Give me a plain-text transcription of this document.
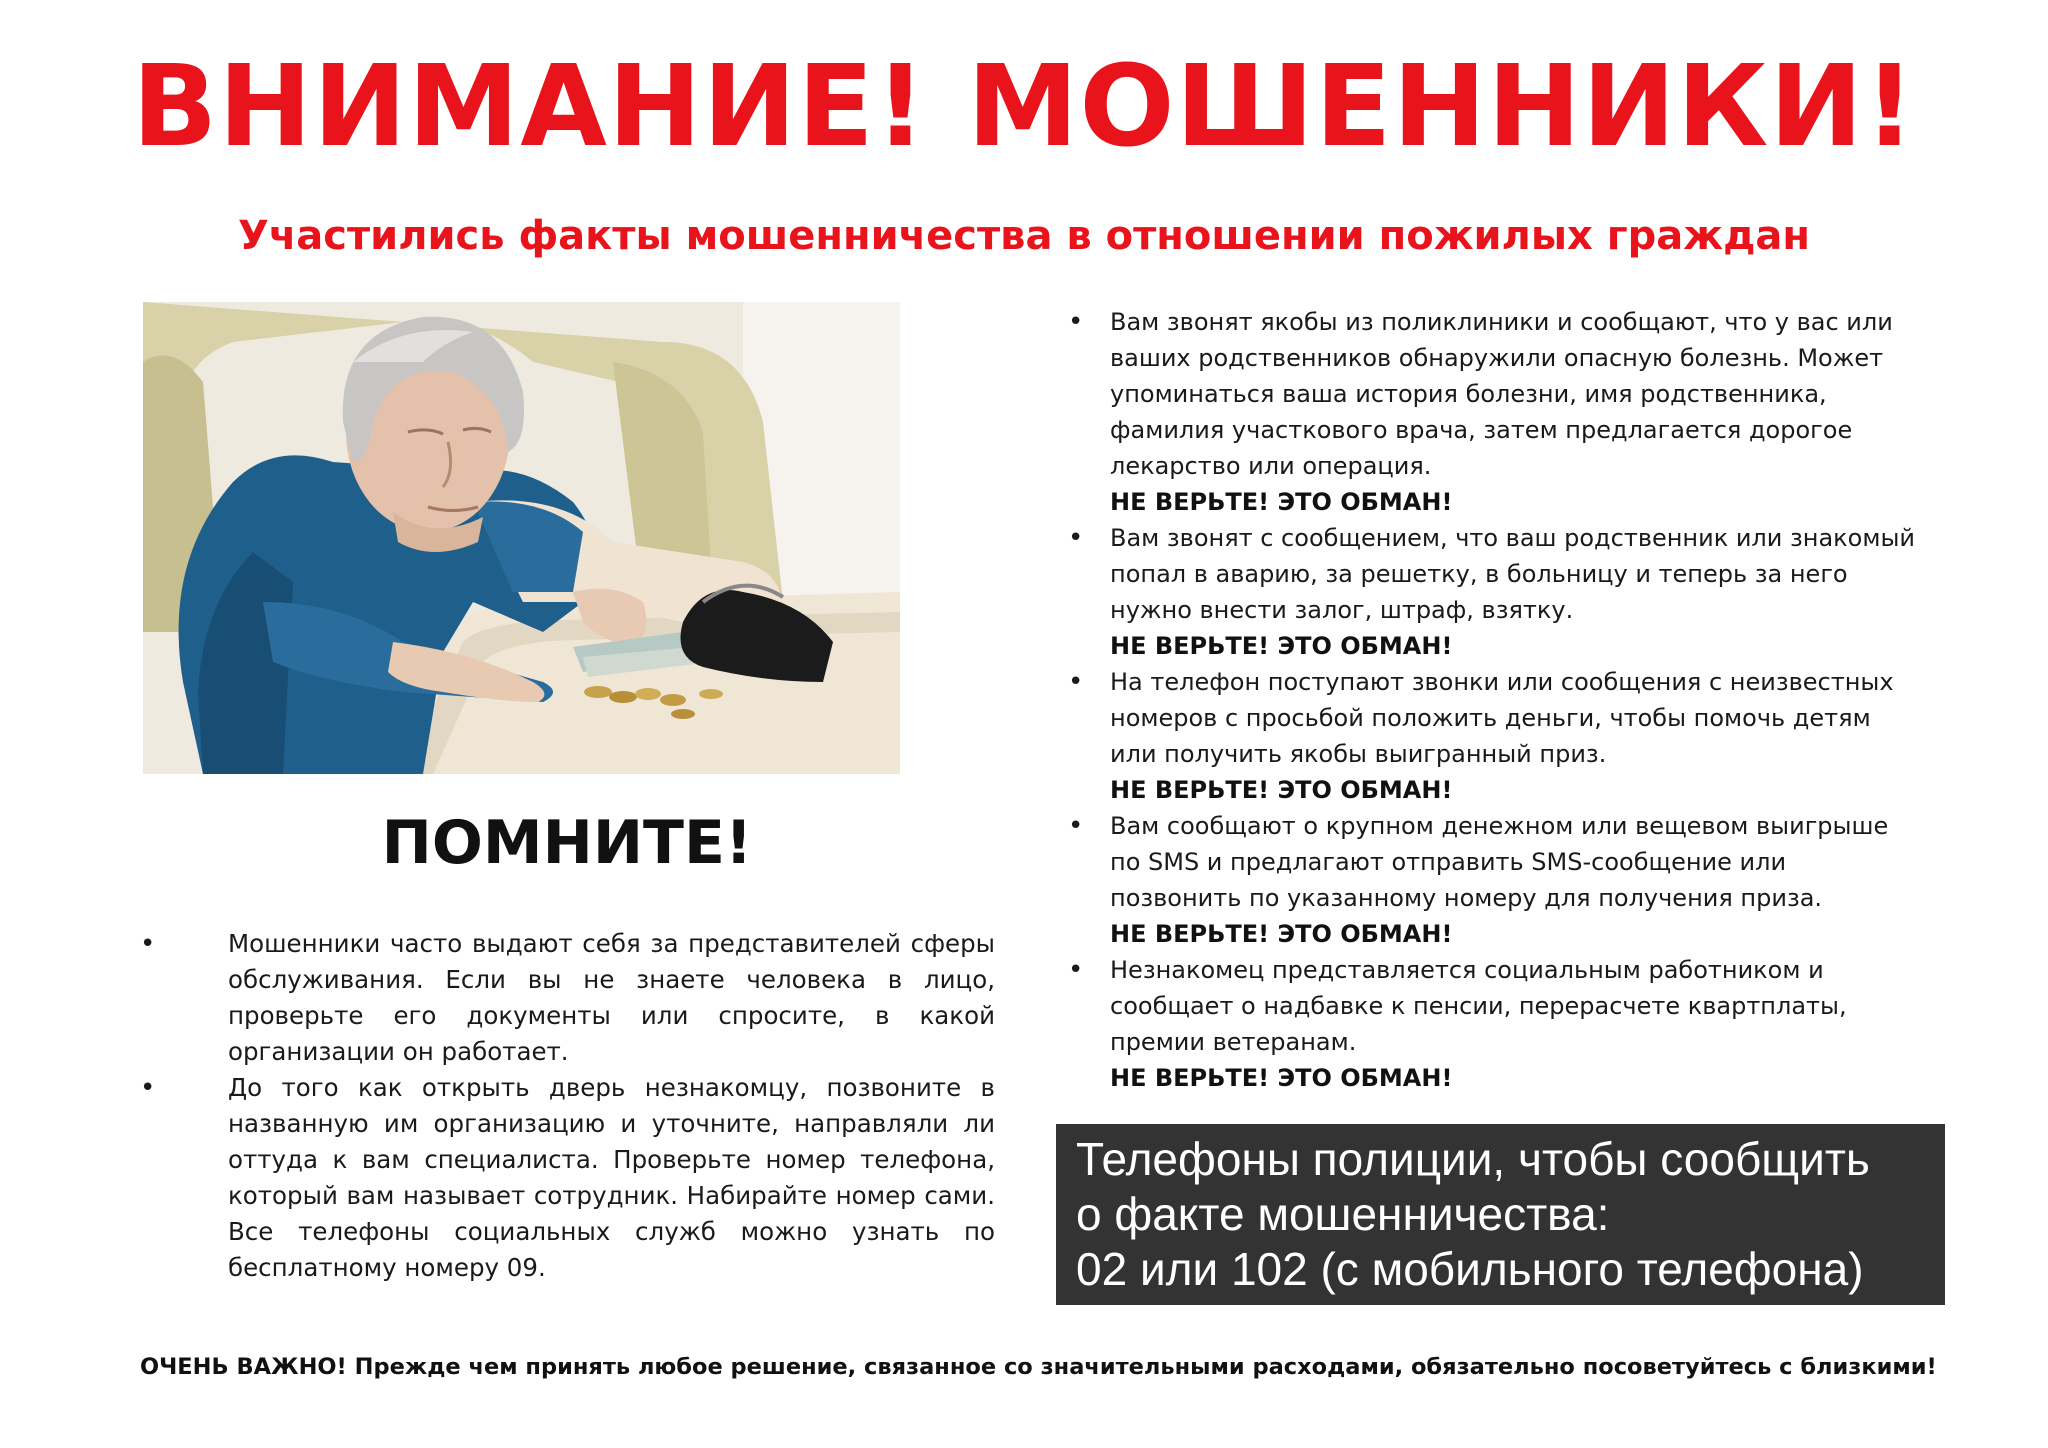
ВНИМАНИЕ! МОШЕННИКИ!
Участились факты мошенничества в отношении пожилых граждан
ПОМНИТЕ!
•	Мошенники часто выдают себя за представителей сферы обслуживания. Если вы не знаете человека в лицо, проверьте его документы или спросите, в какой организации он работает.
•	До того как открыть дверь незнакомцу, позвоните в названную им организацию и уточните, направляли ли оттуда к вам специалиста. Проверьте номер телефона, который вам называет сотрудник. Набирайте номер сами. Все телефоны социальных служб можно узнать по бесплатному номеру 09.
• Вам звонят якобы из поликлиники и сообщают, что у вас или ваших родственников обнаружили опасную болезнь. Может упоминаться ваша история болезни, имя родственника, фамилия участкового врача, затем предлагается дорогое лекарство или операция.
НЕ ВЕРЬТЕ! ЭТО ОБМАН!
• Вам звонят с сообщением, что ваш родственник или знакомый попал в аварию, за решетку, в больницу и теперь за него нужно внести залог, штраф, взятку.
НЕ ВЕРЬТЕ! ЭТО ОБМАН!
• На телефон поступают звонки или сообщения с неизвестных номеров с просьбой положить деньги, чтобы помочь детям или получить якобы выигранный приз.
НЕ ВЕРЬТЕ! ЭТО ОБМАН!
• Вам сообщают о крупном денежном или вещевом выигрыше по SMS и предлагают отправить SMS-сообщение или позвонить по указанному номеру для получения приза.
НЕ ВЕРЬТЕ! ЭТО ОБМАН!
• Незнакомец представляется социальным работником и сообщает о надбавке к пенсии, перерасчете квартплаты, премии ветеранам.
НЕ ВЕРЬТЕ! ЭТО ОБМАН!
Телефоны полиции, чтобы сообщить
о факте мошенничества:
02 или 102 (с мобильного телефона)
ОЧЕНЬ ВАЖНО! Прежде чем принять любое решение, связанное со значительными расходами, обязательно посоветуйтесь с близкими!
